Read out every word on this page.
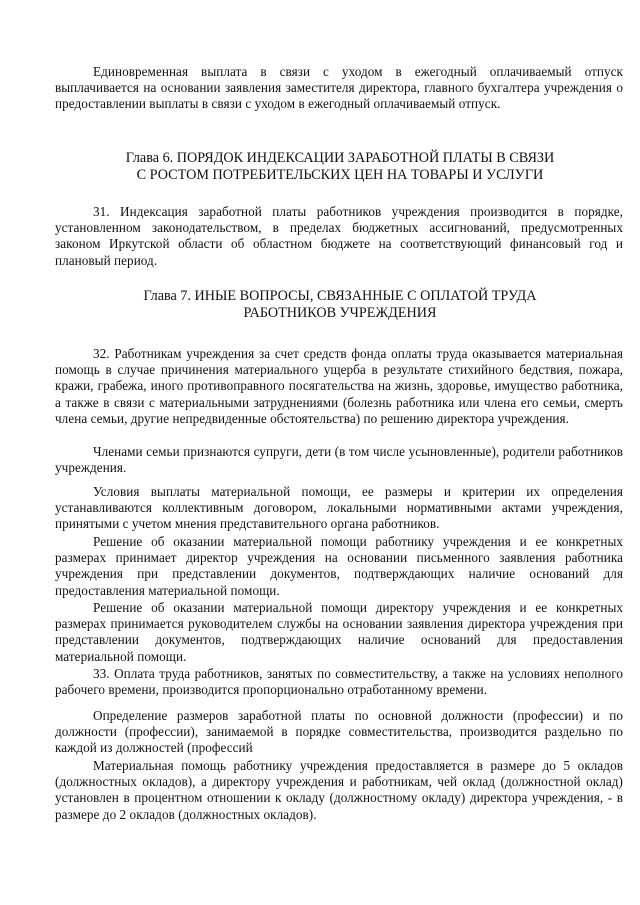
Единовременная выплата в связи с уходом в ежегодный оплачиваемый отпуск выплачивается на основании заявления заместителя директора, главного бухгалтера учреждения о предоставлении выплаты в связи с уходом в ежегодный оплачиваемый отпуск.

Глава 6. ПОРЯДОК ИНДЕКСАЦИИ ЗАРАБОТНОЙ ПЛАТЫ В СВЯЗИ
С РОСТОМ ПОТРЕБИТЕЛЬСКИХ ЦЕН НА ТОВАРЫ И УСЛУГИ

31. Индексация заработной платы работников учреждения производится в порядке, установленном законодательством, в пределах бюджетных ассигнований, предусмотренных законом Иркутской области об областном бюджете на соответствующий финансовый год и плановый период.

Глава 7. ИНЫЕ ВОПРОСЫ, СВЯЗАННЫЕ С ОПЛАТОЙ ТРУДА
РАБОТНИКОВ УЧРЕЖДЕНИЯ

32. Работникам учреждения за счет средств фонда оплаты труда оказывается материальная помощь в случае причинения материального ущерба в результате стихийного бедствия, пожара, кражи, грабежа, иного противоправного посягательства на жизнь, здоровье, имущество работника, а также в связи с материальными затруднениями (болезнь работника или члена его семьи, смерть члена семьи, другие непредвиденные обстоятельства) по решению директора учреждения.

Членами семьи признаются супруги, дети (в том числе усыновленные), родители работников учреждения.

Условия выплаты материальной помощи, ее размеры и критерии их определения устанавливаются коллективным договором, локальными нормативными актами учреждения, принятыми с учетом мнения представительного органа работников.

Решение об оказании материальной помощи работнику учреждения и ее конкретных размерах принимает директор учреждения на основании письменного заявления работника учреждения при представлении документов, подтверждающих наличие оснований для предоставления материальной помощи.

Решение об оказании материальной помощи директору учреждения и ее конкретных размерах принимается руководителем службы на основании заявления директора учреждения при представлении документов, подтверждающих наличие оснований для предоставления материальной помощи.

33. Оплата труда работников, занятых по совместительству, а также на условиях неполного рабочего времени, производится пропорционально отработанному времени.

Определение размеров заработной платы по основной должности (профессии) и по должности (профессии), занимаемой в порядке совместительства, производится раздельно по каждой из должностей (профессий

Материальная помощь работнику учреждения предоставляется в размере до 5 окладов (должностных окладов), а директору учреждения и работникам, чей оклад (должностной оклад) установлен в процентном отношении к окладу (должностному окладу) директора учреждения, - в размере до 2 окладов (должностных окладов).
